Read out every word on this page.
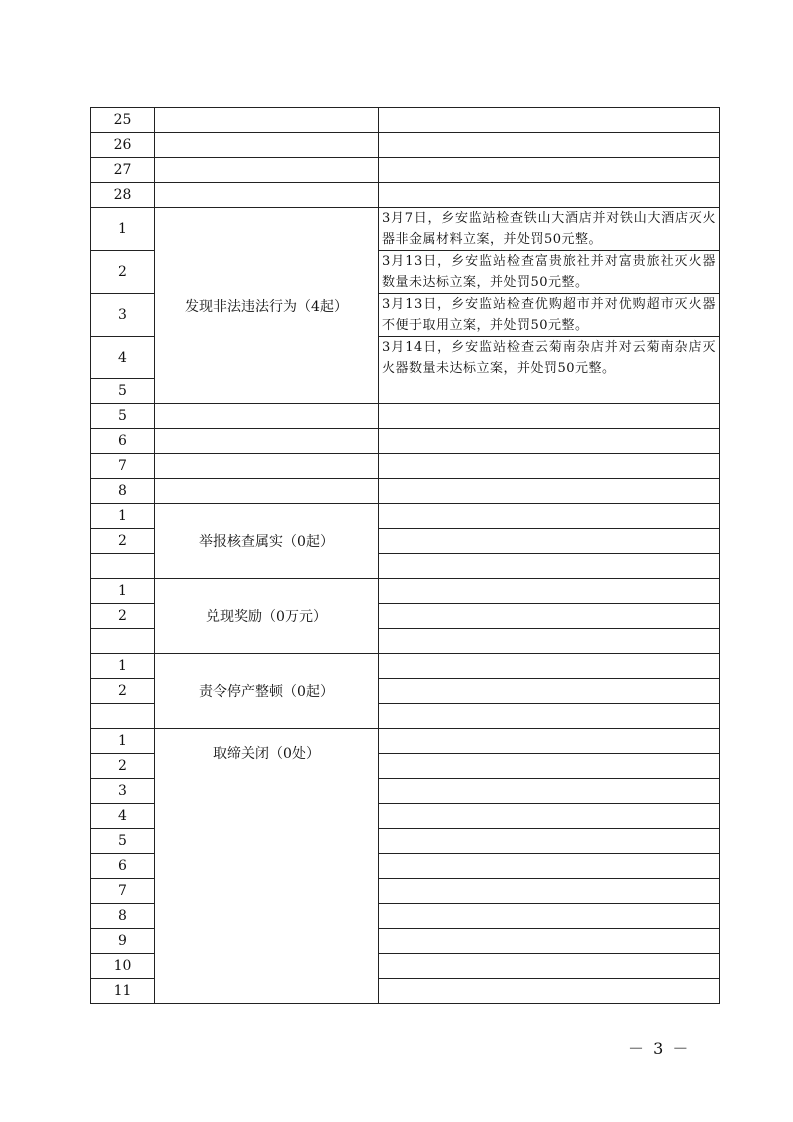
25		
26		
27		
28		
1	发现非法违法行为（4起）	3月7日，乡安监站检查铁山大酒店并对铁山大酒店灭火器非金属材料立案，并处罚50元整。
2		3月13日，乡安监站检查富贵旅社并对富贵旅社灭火器数量未达标立案，并处罚50元整。
3		3月13日，乡安监站检查优购超市并对优购超市灭火器不便于取用立案，并处罚50元整。
4		3月14日，乡安监站检查云菊南杂店并对云菊南杂店灭火器数量未达标立案，并处罚50元整。
5		
5		
6		
7		
8		
1	举报核查属实（0起）	
2		

1	兑现奖励（0万元）	
2		

1	责令停产整顿（0起）	
2		

1	取缔关闭（0处）	
2		
3		
4		
5		
6		
7		
8		
9		
10		
11		
－ 3 －
